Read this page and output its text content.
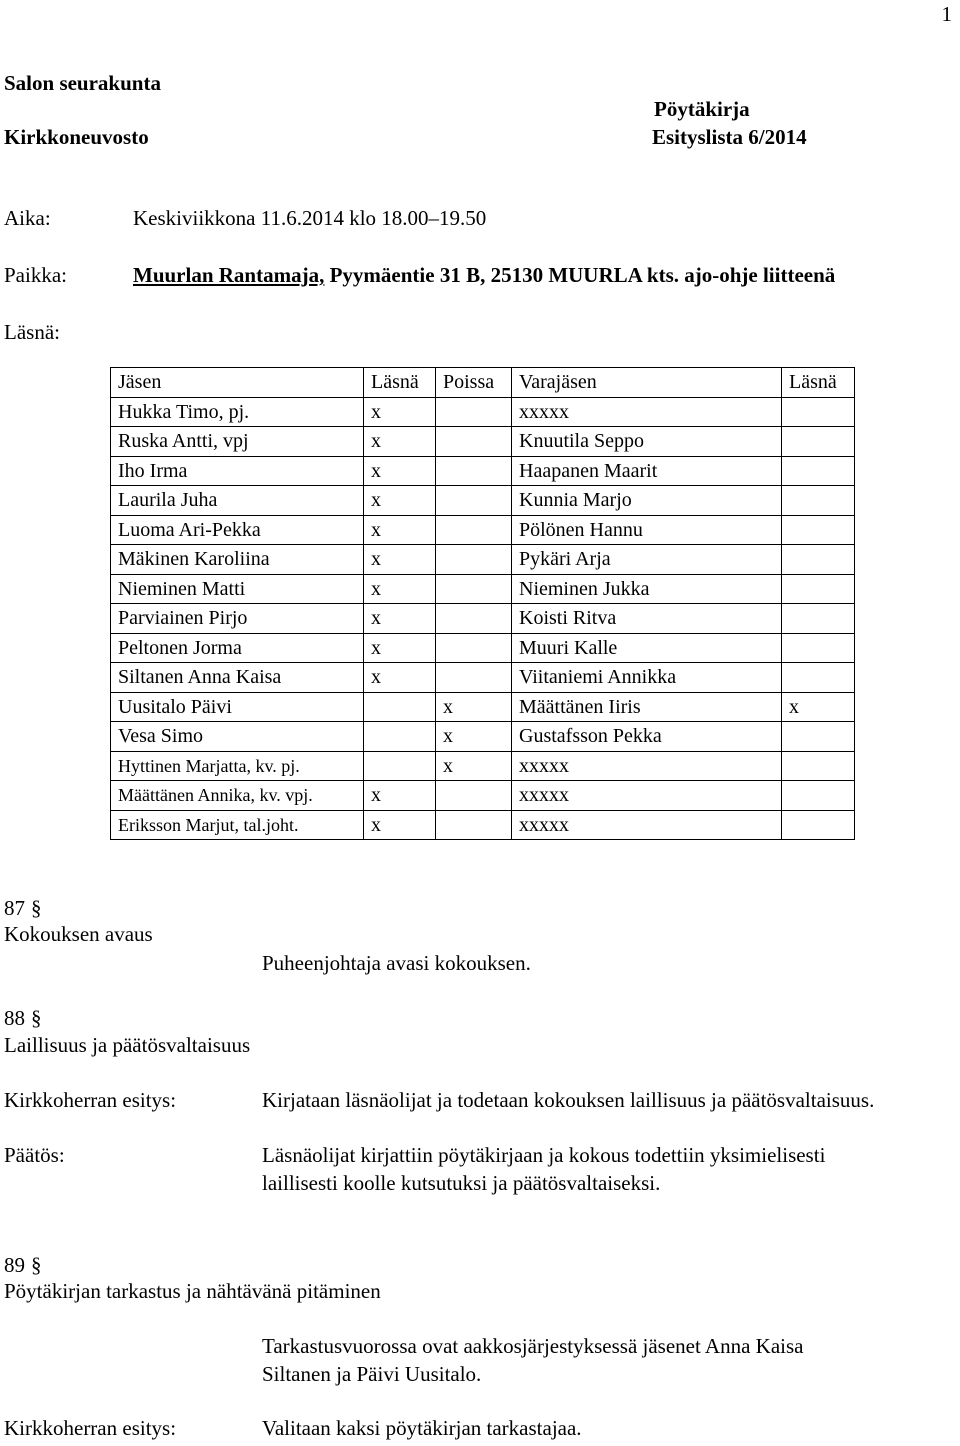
1
Salon seurakunta
Pöytäkirja
Kirkkoneuvosto	Esityslista 6/2014
Aika:	Keskiviikkona 11.6.2014 klo 18.00–19.50
Paikka:	Muurlan Rantamaja, Pyymäentie 31 B, 25130 MUURLA kts. ajo-ohje liitteenä
Läsnä:
Jäsen	Läsnä	Poissa	Varajäsen	Läsnä
Hukka Timo, pj.	x		xxxxx	
Ruska Antti, vpj	x		Knuutila Seppo	
Iho Irma	x		Haapanen Maarit	
Laurila Juha	x		Kunnia Marjo	
Luoma Ari-Pekka	x		Pölönen Hannu	
Mäkinen Karoliina	x		Pykäri Arja	
Nieminen Matti	x		Nieminen Jukka	
Parviainen Pirjo	x		Koisti Ritva	
Peltonen Jorma	x		Muuri Kalle	
Siltanen Anna Kaisa	x		Viitaniemi Annikka	
Uusitalo Päivi		x	Määttänen Iiris	x
Vesa Simo		x	Gustafsson Pekka	
Hyttinen Marjatta, kv. pj.		x	xxxxx	
Määttänen Annika, kv. vpj.	x		xxxxx	
Eriksson Marjut, tal.joht.	x		xxxxx	
87 §
Kokouksen avaus
Puheenjohtaja avasi kokouksen.
88 §
Laillisuus ja päätösvaltaisuus
Kirkkoherran esitys:	Kirjataan läsnäolijat ja todetaan kokouksen laillisuus ja päätösvaltaisuus.
Päätös:	Läsnäolijat kirjattiin pöytäkirjaan ja kokous todettiin yksimielisesti
laillisesti koolle kutsutuksi ja päätösvaltaiseksi.
89 §
Pöytäkirjan tarkastus ja nähtävänä pitäminen
Tarkastusvuorossa ovat aakkosjärjestyksessä jäsenet Anna Kaisa
Siltanen ja Päivi Uusitalo.
Kirkkoherran esitys:	Valitaan kaksi pöytäkirjan tarkastajaa.
